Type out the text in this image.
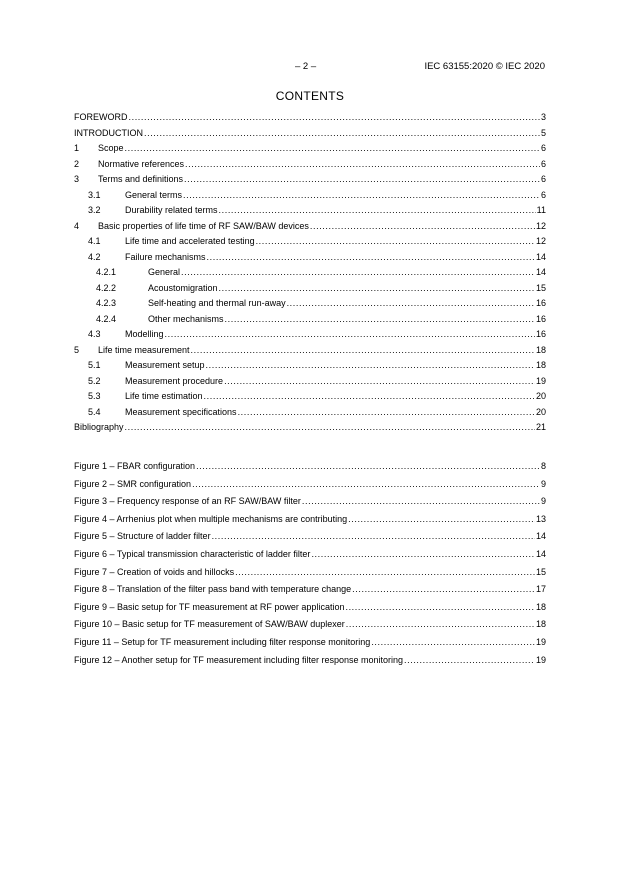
– 2 –	IEC 63155:2020 © IEC 2020
CONTENTS
FOREWORD .....	3
INTRODUCTION .....	5
1	Scope .....	6
2	Normative references .....	6
3	Terms and definitions .....	6
3.1	General terms .....	6
3.2	Durability related terms .....	11
4	Basic properties of life time of RF SAW/BAW devices .....	12
4.1	Life time and accelerated testing .....	12
4.2	Failure mechanisms .....	14
4.2.1	General .....	14
4.2.2	Acoustomigration .....	15
4.2.3	Self-heating and thermal run-away .....	16
4.2.4	Other mechanisms .....	16
4.3	Modelling .....	16
5	Life time measurement .....	18
5.1	Measurement setup .....	18
5.2	Measurement procedure .....	19
5.3	Life time estimation .....	20
5.4	Measurement specifications .....	20
Bibliography .....	21
Figure 1 – FBAR configuration .....	8
Figure 2 – SMR configuration .....	9
Figure 3 – Frequency response of an RF SAW/BAW filter .....	9
Figure 4 – Arrhenius plot when multiple mechanisms are contributing .....	13
Figure 5 – Structure of ladder filter .....	14
Figure 6 – Typical transmission characteristic of ladder filter .....	14
Figure 7 – Creation of voids and hillocks .....	15
Figure 8 – Translation of the filter pass band with temperature change .....	17
Figure 9 – Basic setup for TF measurement at RF power application .....	18
Figure 10 – Basic setup for TF measurement of SAW/BAW duplexer .....	18
Figure 11 – Setup for TF measurement including filter response monitoring .....	19
Figure 12 – Another setup for TF measurement including filter response monitoring .....	19
